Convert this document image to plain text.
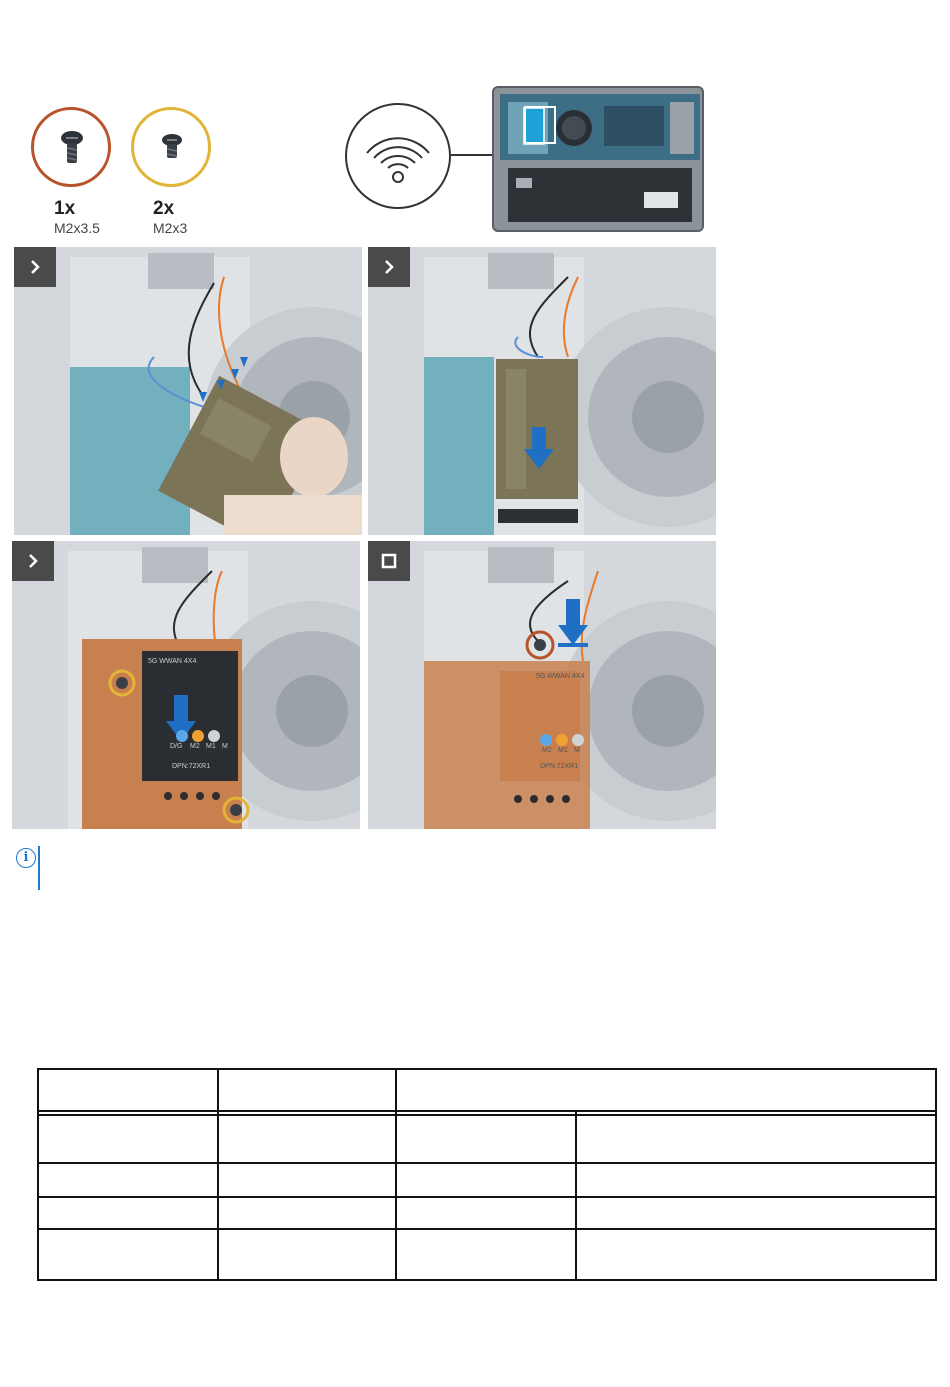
1x
M2x3.5
2x
M2x3
5G WWAN 4X4
D/G M2 M1 M
DPN:72XR1
5G WWAN 4X4
M2 M1 M
DPN:72XR1
i
